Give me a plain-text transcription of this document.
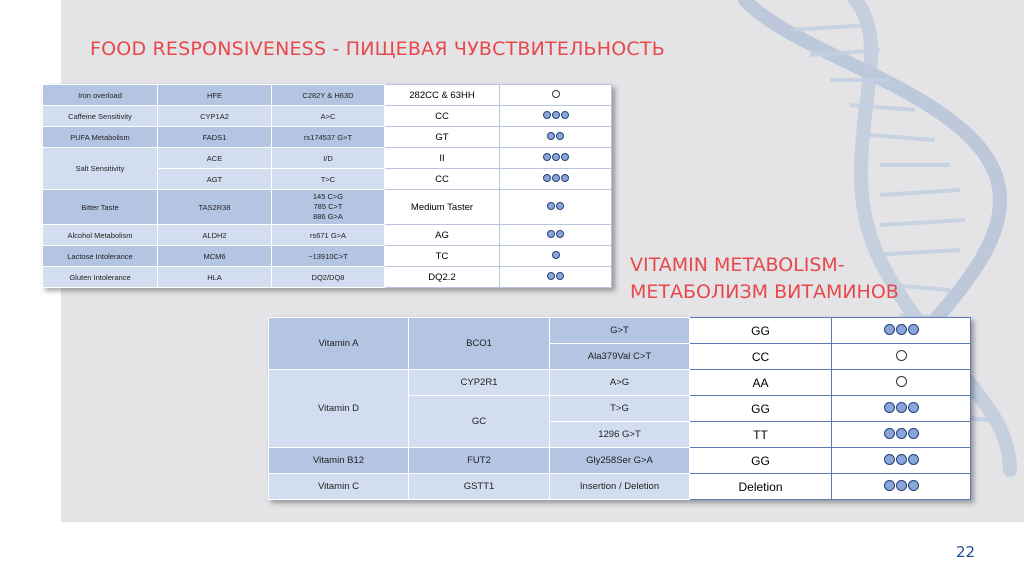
FOOD RESPONSIVENESS - ПИЩЕВАЯ ЧУВСТВИТЕЛЬНОСТЬ
VITAMIN METABOLISM-
МЕТАБОЛИЗМ ВИТАМИНОВ
Iron overload	HFE	C282Y & H63D	282CC & 63HH	

Caffeine Sensitivity	CYP1A2	A>C	CC	

PUFA Metabolism	FADS1	rs174537 G>T	GT	

Salt Sensitivity	ACE	I/D	II	

	AGT	T>C	CC	

Bitter Taste	TAS2R38	145 C>G
785 C>T
886 G>A	Medium Taster	

Alcohol Metabolism	ALDH2	rs671 G>A	AG	

Lactose Intolerance	MCM6	−13910C>T	TC	

Gluten Intolerance	HLA	DQ2/DQ8	DQ2.2	
Vitamin A	BCO1	G>T	GG	

		Ala379Val C>T	CC	

Vitamin D	CYP2R1	A>G	AA	

	GC	T>G	GG	

		1296 G>T	TT	

Vitamin B12	FUT2	Gly258Ser G>A	GG	

Vitamin C	GSTT1	Insertion / Deletion	Deletion	
22
